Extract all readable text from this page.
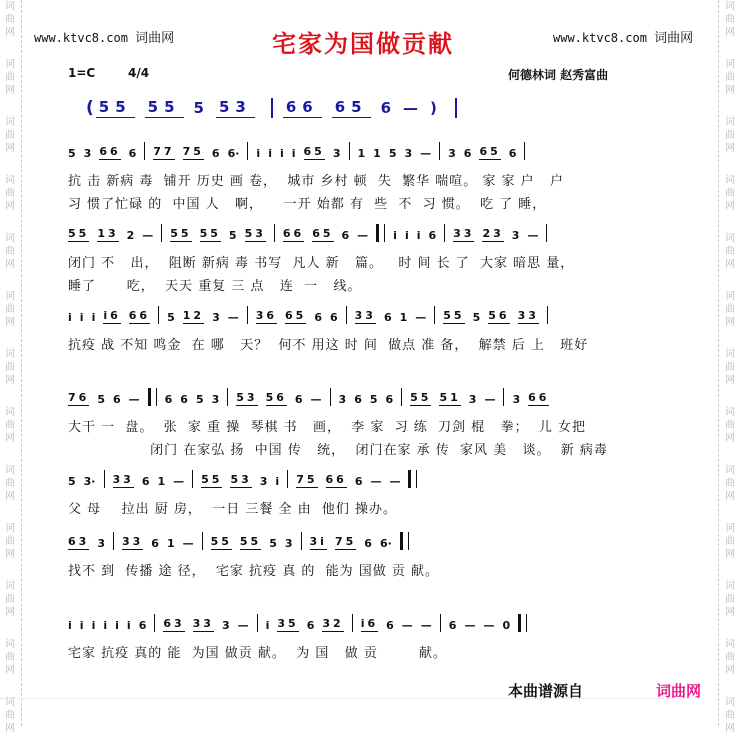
词
曲
网
词
曲
网
词
曲
网
词
曲
网
词
曲
网
词
曲
网
词
曲
网
词
曲
网
词
曲
网
词
曲
网
词
曲
网
词
曲
网
词
曲
网
词
曲
网
词
曲
网
词
曲
网
词
曲
网
词
曲
网
词
曲
网
词
曲
网
词
曲
网
词
曲
网
词
曲
网
词
曲
网
词
曲
网
词
曲
网
www.ktvc8.com 词曲网	宅家为国做贡献	www.ktvc8.com 词曲网
1=C	4/4	何德林词 赵秀富曲
( 55 55 5 53 66 65 6 — )
5 3 66 6 77 75 6 6· i i i i 65 3 1 1 5 3 — 3 6 65 6
抗 击 新病 毒  铺开 历史 画 卷，  城市 乡村 顿  失  繁华 喘喧。 家 家 户   户
习 惯了忙碌 的  中国 人   啊，    一开 始都 有  些  不  习 惯。  吃 了 睡，
55 13 2 — 55 55 5 53 66 65 6 — i i i 6 33 23 3 —
闭门 不   出，  阻断 新病 毒 书写  凡人 新   篇。   时 间 长 了  大家 暗思 量，
睡了      吃，  天天 重复 三 点   连  一   线。
i i i i6 66 5 12 3 — 36 65 6 6 33 6 1 — 55 5 56 33
抗疫 战 不知 鸣金  在 哪   天？  何不 用这 时 间  做点 准 备，  解禁 后 上   班好
76 5 6 — 6 6 5 3 53 56 6 — 3 6 5 6 55 51 3 — 3 66
大干 一  盘。  张  家 重 操  琴棋 书   画，  李 家  习 练  刀剑 棍   拳；  儿 女把
闭门 在家弘 扬  中国 传   统，  闭门在家 承 传  家风 美   谈。  新 病毒
5 3· 33 6 1 — 55 53 3 i 75 66 6 — —
父 母    拉出 厨 房，  一日 三餐 全 由  他们 操办。
63 3 33 6 1 — 55 55 5 3 3i 75 6 6·
找不 到  传播 途 径，  宅家 抗疫 真 的  能为 国做 贡 献。
i i i i i i 6 63 33 3 — i 35 6 32 i6 6 — — 6 — — 0
宅家 抗疫 真的 能  为国 做贡 献。  为 国   做 贡        献。
本曲谱源自	词曲网
